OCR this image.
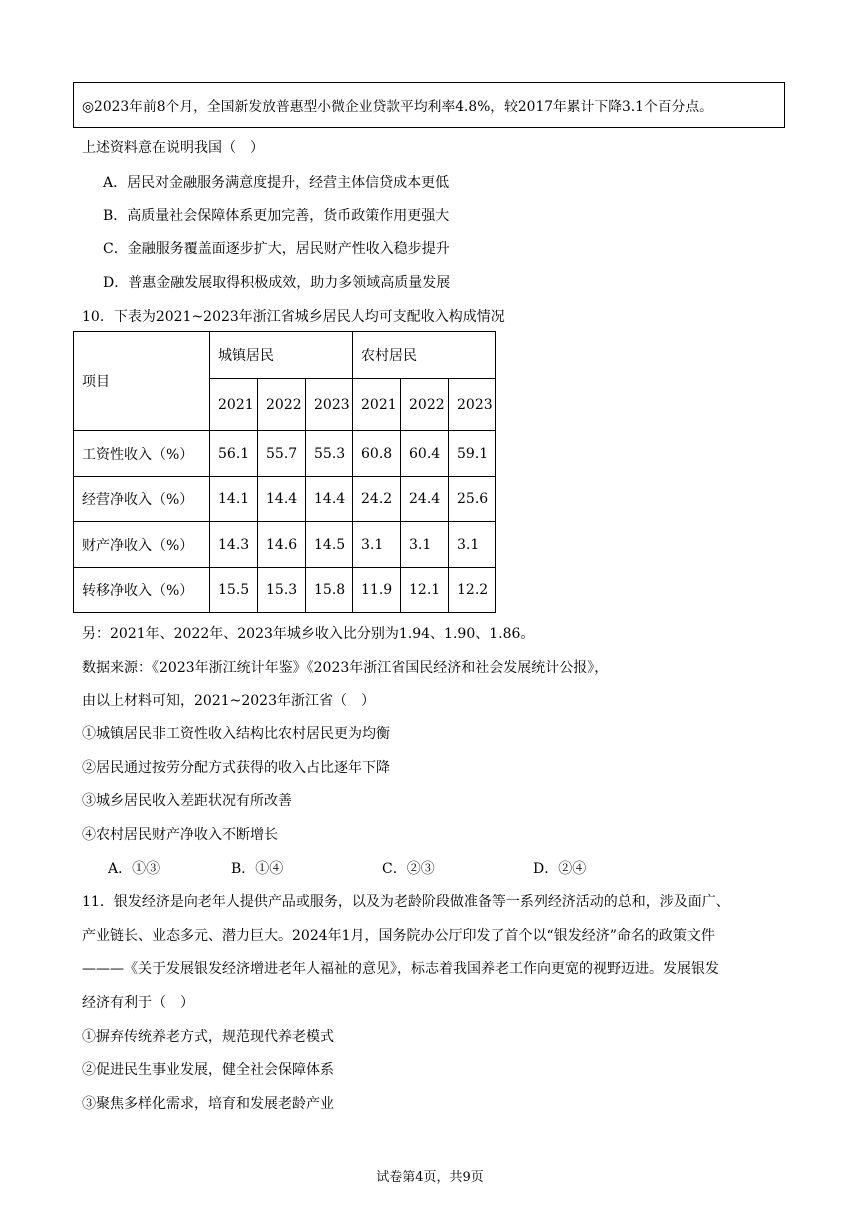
◎2023年前8个月，全国新发放普惠型小微企业贷款平均利率4.8%，较2017年累计下降3.1个百分点。
上述资料意在说明我国（　）
A．居民对金融服务满意度提升，经营主体信贷成本更低
B．高质量社会保障体系更加完善，货币政策作用更强大
C．金融服务覆盖面逐步扩大，居民财产性收入稳步提升
D．普惠金融发展取得积极成效，助力多领域高质量发展
10．下表为2021~2023年浙江省城乡居民人均可支配收入构成情况
项目	城镇居民			农村居民		
	2021	2022	2023	2021	2022	2023
工资性收入（%）	56.1	55.7	55.3	60.8	60.4	59.1
经营净收入（%）	14.1	14.4	14.4	24.2	24.4	25.6
财产净收入（%）	14.3	14.6	14.5	3.1	3.1	3.1
转移净收入（%）	15.5	15.3	15.8	11.9	12.1	12.2
另：2021年、2022年、2023年城乡收入比分别为1.94、1.90、1.86。
数据来源：《2023年浙江统计年鉴》《2023年浙江省国民经济和社会发展统计公报》，
由以上材料可知，2021~2023年浙江省（　）
①城镇居民非工资性收入结构比农村居民更为均衡
②居民通过按劳分配方式获得的收入占比逐年下降
③城乡居民收入差距状况有所改善
④农村居民财产净收入不断增长
A．①③	B．①④	C．②③	D．②④
11．银发经济是向老年人提供产品或服务，以及为老龄阶段做准备等一系列经济活动的总和，涉及面广、
产业链长、业态多元、潜力巨大。2024年1月，国务院办公厅印发了首个以“银发经济”命名的政策文件
———《关于发展银发经济增进老年人福祉的意见》，标志着我国养老工作向更宽的视野迈进。发展银发
经济有利于（　）
①摒弃传统养老方式，规范现代养老模式
②促进民生事业发展，健全社会保障体系
③聚焦多样化需求，培育和发展老龄产业
试卷第4页，共9页
